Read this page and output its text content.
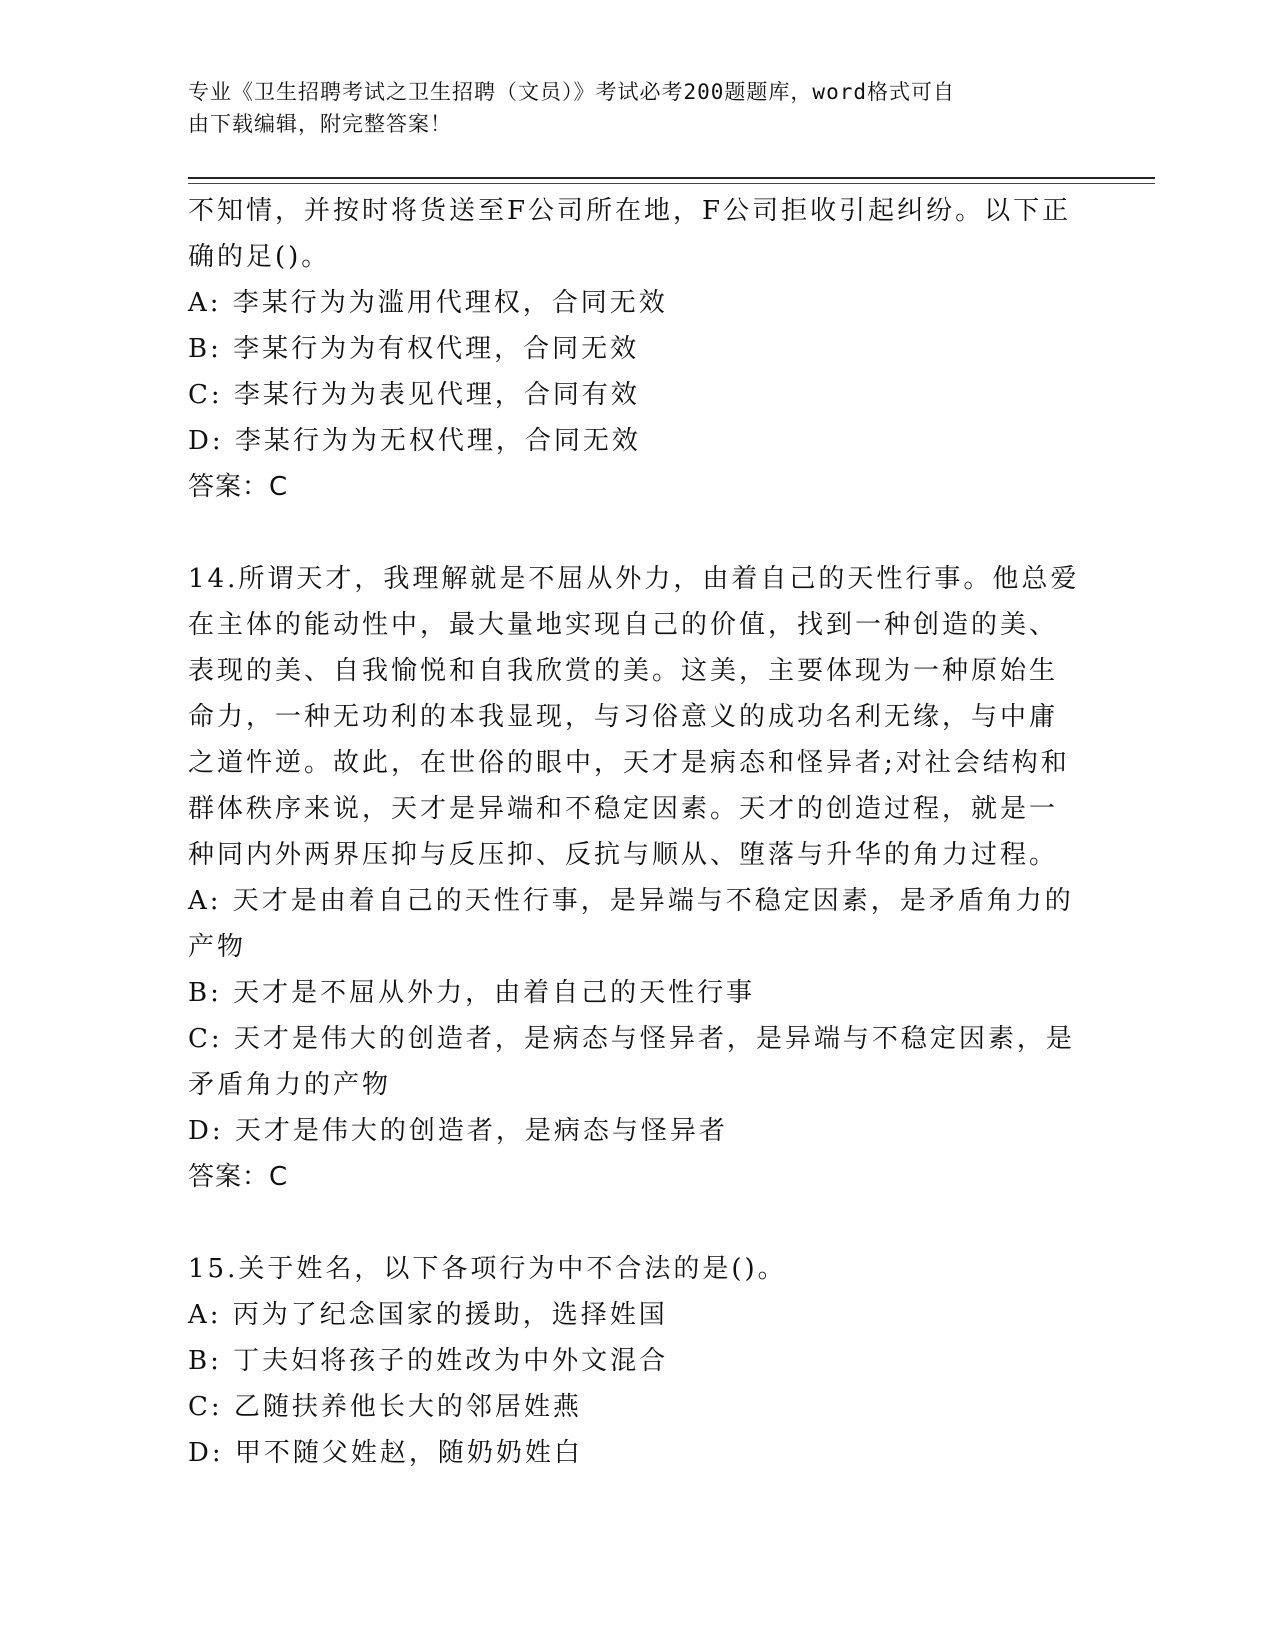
专业《卫生招聘考试之卫生招聘（文员）》考试必考200题题库，word格式可自
由下载编辑，附完整答案！
不知情，并按时将货送至F公司所在地，F公司拒收引起纠纷。以下正
确的足()。
A: 李某行为为滥用代理权，合同无效
B: 李某行为为有权代理，合同无效
C: 李某行为为表见代理，合同有效
D: 李某行为为无权代理，合同无效
答案：C
14.所谓天才，我理解就是不屈从外力，由着自己的天性行事。他总爱
在主体的能动性中，最大量地实现自己的价值，找到一种创造的美、
表现的美、自我愉悦和自我欣赏的美。这美，主要体现为一种原始生
命力，一种无功利的本我显现，与习俗意义的成功名利无缘，与中庸
之道忤逆。故此，在世俗的眼中，天才是病态和怪异者;对社会结构和
群体秩序来说，天才是异端和不稳定因素。天才的创造过程，就是一
种同内外两界压抑与反压抑、反抗与顺从、堕落与升华的角力过程。
A: 天才是由着自己的天性行事，是异端与不稳定因素，是矛盾角力的
产物
B: 天才是不屈从外力，由着自己的天性行事
C: 天才是伟大的创造者，是病态与怪异者，是异端与不稳定因素，是
矛盾角力的产物
D: 天才是伟大的创造者，是病态与怪异者
答案：C
15.关于姓名，以下各项行为中不合法的是()。
A: 丙为了纪念国家的援助，选择姓国
B: 丁夫妇将孩子的姓改为中外文混合
C: 乙随扶养他长大的邻居姓燕
D: 甲不随父姓赵，随奶奶姓白
